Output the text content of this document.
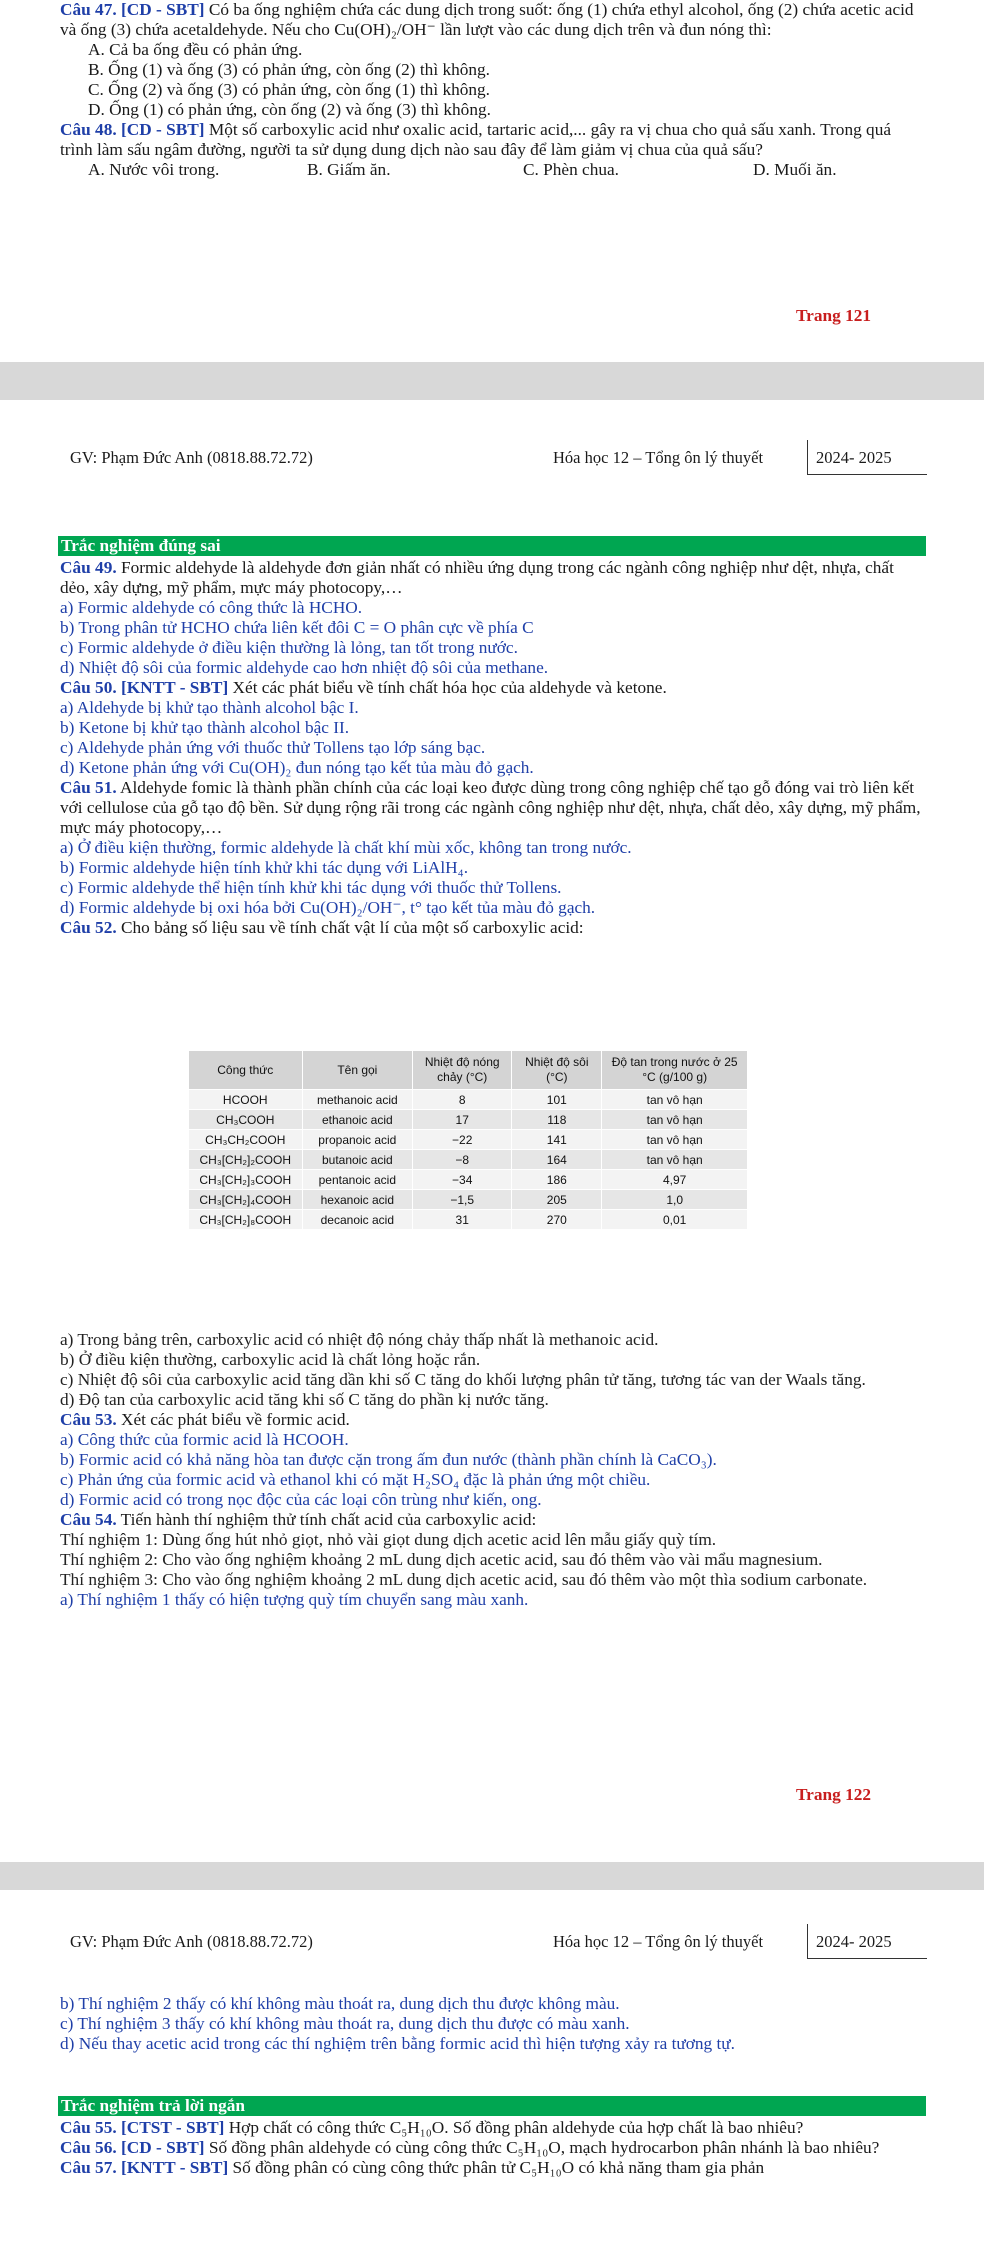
Câu 47. [CD - SBT] Có ba ống nghiệm chứa các dung dịch trong suốt: ống (1) chứa ethyl alcohol, ống (2) chứa acetic acid và ống (3) chứa acetaldehyde. Nếu cho Cu(OH)₂/OH⁻ lần lượt vào các dung dịch trên và đun nóng thì:

A. Cả ba ống đều có phản ứng.

B. Ống (1) và ống (3) có phản ứng, còn ống (2) thì không.

C. Ống (2) và ống (3) có phản ứng, còn ống (1) thì không.

D. Ống (1) có phản ứng, còn ống (2) và ống (3) thì không.

Câu 48. [CD - SBT] Một số carboxylic acid như oxalic acid, tartaric acid,... gây ra vị chua cho quả sấu xanh. Trong quá trình làm sấu ngâm đường, người ta sử dụng dung dịch nào sau đây để làm giảm vị chua của quả sấu?

A. Nước vôi trong.	B. Giấm ăn.	C. Phèn chua.	D. Muối ăn.
Trang 121
GV: Phạm Đức Anh (0818.88.72.72)	Hóa học 12 – Tổng ôn lý thuyết	2024- 2025
Trắc nghiệm đúng sai

Câu 49. Formic aldehyde là aldehyde đơn giản nhất có nhiều ứng dụng trong các ngành công nghiệp như dệt, nhựa, chất dẻo, xây dựng, mỹ phẩm, mực máy photocopy,…

a) Formic aldehyde có công thức là HCHO.

b) Trong phân tử HCHO chứa liên kết đôi C = O phân cực về phía C

c) Formic aldehyde ở điều kiện thường là lỏng, tan tốt trong nước.

d) Nhiệt độ sôi của formic aldehyde cao hơn nhiệt độ sôi của methane.

Câu 50. [KNTT - SBT] Xét các phát biểu về tính chất hóa học của aldehyde và ketone.

a) Aldehyde bị khử tạo thành alcohol bậc I.

b) Ketone bị khử tạo thành alcohol bậc II.

c) Aldehyde phản ứng với thuốc thử Tollens tạo lớp sáng bạc.

d) Ketone phản ứng với Cu(OH)₂ đun nóng tạo kết tủa màu đỏ gạch.

Câu 51. Aldehyde fomic là thành phần chính của các loại keo được dùng trong công nghiệp chế tạo gỗ đóng vai trò liên kết với cellulose của gỗ tạo độ bền. Sử dụng rộng rãi trong các ngành công nghiệp như dệt, nhựa, chất dẻo, xây dựng, mỹ phẩm, mực máy photocopy,…

a) Ở điều kiện thường, formic aldehyde là chất khí mùi xốc, không tan trong nước.

b) Formic aldehyde hiện tính khử khi tác dụng với LiAlH₄.

c) Formic aldehyde thể hiện tính khử khi tác dụng với thuốc thử Tollens.

d) Formic aldehyde bị oxi hóa bởi Cu(OH)₂/OH⁻, t° tạo kết tủa màu đỏ gạch.

Câu 52. Cho bảng số liệu sau về tính chất vật lí của một số carboxylic acid:

Công thức	Tên gọi	Nhiệt độ nóng chảy (°C)	Nhiệt độ sôi (°C)	Độ tan trong nước ở 25 °C (g/100 g)
HCOOH	methanoic acid	8	101	tan vô hạn
CH₃COOH	ethanoic acid	17	118	tan vô hạn
CH₃CH₂COOH	propanoic acid	−22	141	tan vô hạn
CH₃[CH₂]₂COOH	butanoic acid	−8	164	tan vô hạn
CH₃[CH₂]₃COOH	pentanoic acid	−34	186	4,97
CH₃[CH₂]₄COOH	hexanoic acid	−1,5	205	1,0
CH₃[CH₂]₈COOH	decanoic acid	31	270	0,01

a) Trong bảng trên, carboxylic acid có nhiệt độ nóng chảy thấp nhất là methanoic acid.

b) Ở điều kiện thường, carboxylic acid là chất lỏng hoặc rắn.

c) Nhiệt độ sôi của carboxylic acid tăng dần khi số C tăng do khối lượng phân tử tăng, tương tác van der Waals tăng.

d) Độ tan của carboxylic acid tăng khi số C tăng do phần kị nước tăng.

Câu 53. Xét các phát biểu về formic acid.

a) Công thức của formic acid là HCOOH.

b) Formic acid có khả năng hòa tan được cặn trong ấm đun nước (thành phần chính là CaCO₃).

c) Phản ứng của formic acid và ethanol khi có mặt H₂SO₄ đặc là phản ứng một chiều.

d) Formic acid có trong nọc độc của các loại côn trùng như kiến, ong.

Câu 54. Tiến hành thí nghiệm thử tính chất acid của carboxylic acid:

Thí nghiệm 1: Dùng ống hút nhỏ giọt, nhỏ vài giọt dung dịch acetic acid lên mẫu giấy quỳ tím.

Thí nghiệm 2: Cho vào ống nghiệm khoảng 2 mL dung dịch acetic acid, sau đó thêm vào vài mẩu magnesium.

Thí nghiệm 3: Cho vào ống nghiệm khoảng 2 mL dung dịch acetic acid, sau đó thêm vào một thìa sodium carbonate.

a) Thí nghiệm 1 thấy có hiện tượng quỳ tím chuyển sang màu xanh.

Trang 122
GV: Phạm Đức Anh (0818.88.72.72)	Hóa học 12 – Tổng ôn lý thuyết	2024- 2025

b) Thí nghiệm 2 thấy có khí không màu thoát ra, dung dịch thu được không màu.

c) Thí nghiệm 3 thấy có khí không màu thoát ra, dung dịch thu được có màu xanh.

d) Nếu thay acetic acid trong các thí nghiệm trên bằng formic acid thì hiện tượng xảy ra tương tự.

Trắc nghiệm trả lời ngắn

Câu 55. [CTST - SBT] Hợp chất có công thức C₅H₁₀O. Số đồng phân aldehyde của hợp chất là bao nhiêu?

Câu 56. [CD - SBT] Số đồng phân aldehyde có cùng công thức C₅H₁₀O, mạch hydrocarbon phân nhánh là bao nhiêu?

Câu 57. [KNTT - SBT] Số đồng phân có cùng công thức phân tử C₅H₁₀O có khả năng tham gia phản
